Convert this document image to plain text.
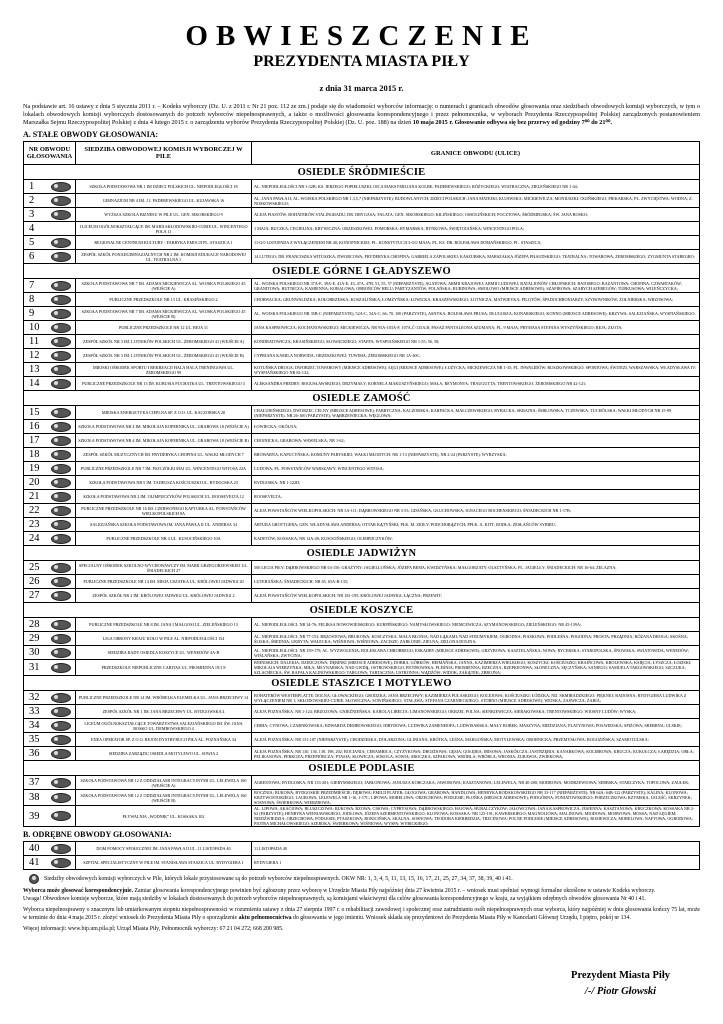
OBWIESZCZENIE
PREZYDENTA MIASTA PIŁY
z dnia 31 marca 2015 r.

Na podstawie art. 16 ustawy z dnia 5 stycznia 2011 r. – Kodeks wyborczy (Dz. U. z 2011 r. Nr 21 poz. 112 ze zm.) podaje się do wiadomości wyborców informację: o numerach i granicach obwodów głosowania oraz siedzibach obwodowych komisji wyborczych, w tym o lokalach obwodowych komisji wyborczych dostosowanych do potrzeb wyborców niepełnosprawnych, a także o możliwości głosowania korespondencyjnego i przez pełnomocnika, w wyborach Prezydenta Rzeczypospolitej Polskiej zarządzonych postanowieniem Marszałka Sejmu Rzeczypospolitej Polskiej z dnia 4 lutego 2015 r. o zarządzeniu wyborów Prezydenta Rzeczypospolitej Polskiej (Dz. U. poz. 188) na dzień 10 maja 2015 r. Głosowanie odbywa się bez przerwy od godziny 7⁰⁰ do 21⁰⁰.

A. STAŁE OBWODY GŁOSOWANIA:
NR OBWODU GŁOSOWANIA	SIEDZIBA OBWODOWEJ KOMISJI WYBORCZEJ W PILE	GRANICE OBWODU (ULICE)
OSIEDLE ŚRÓDMIEŚCIE		
1	SZKOŁA PODSTAWOWA NR 1 IM DZIECI POLSKICH UL. NIEPODLEGŁOŚCI 18	AL. NIEPODLEGŁOŚCI NR 1-32B; KS. JERZEGO POPIEŁUSZKI; OICA MAKSYMILIANA KOLBE; PADEREWSKIEGO; RÓŻYCKIEGO; WIATRACZNA; ZIELEŃSKIEGO NR 1-44;
2	GIMNAZJUM NR 4 IM. J.J. PADEREWSKIEGO UL. KUJAWSKA 16	AL. JANA PAWŁA II; AL. WOJSKA POLSKIEGO NR 1,3,5,7 (NIEPARZYSTE); BUDOWLANYCH; DZIECI POLSKICH; JANA MATEJKI; KUJAWSKA; MICKIEWICZA; MONIUSZKI; OGIŃSKIEGO; PIEKARSKA; PL. ZWYCIĘSTWA; WODNA; Z. NOSKOWSKIEGO;
3	WYŻSZA SZKOŁA BIZNESU W PILE UL. GEN. SIKORSKIEGO 9	ALEJA PIASTÓW; BOHATERÓW STALINGRADU; DR. DRYGASA; FALATA; GEN. SIKORSKIEGO; KILIŃSKIEGO; OSSOLIŃSKICH; POCZTOWA; ŚRÓDMIEJSKA; ŚW. JANA BOSKO;
4	I LICEUM OGÓLNOKSZTAŁCĄCE IM. MARII SKŁODOWSKIEJ-CURIE UL. WINCENTEGO POLA 11	1 MAJA; BUCZKA; CEGIEŁINA; KRYWICZNA; ORZESZKOWEJ; POMORSKA; RYMARSKA; RYNKOWA; ŚWIĘTOJAŃSKA; WINCENTEGO POLA;
5	REGIONALNE CENTRUM KULTURY - FABRYKA EMOCJI PL. STASZICA 1	11-GO LISTOPADA Z WYŁĄCZENIEM NR 40; KONOPNICKIEJ; PL. KONSTYTUCJI 3-GO MAJA; PL. KS. DR. BOLESŁAWA DOMAŃSKIEGO; PL. STASZICA;
6	ZESPÓŁ SZKÓŁ PONADGIMNAZJALNYCH NR 2 IM. KOMISJI EDUKACJI NARODOWEJ UL. TEATRALNA 1	14 LUTEGO; DR. FRANCISZKA WITUSZKA; DWORCOWA; FRYDERYKA CHOPINA; GABRIELA ZAPOLSKIEJ; KASZUBSKA; MARSZAŁKA JÓZEFA PIŁSUDSKIEGO; TEATRALNA; TOWAROWA; ŻEROMSKIEGO; ZYGMUNTA STAREGRO;
OSIEDLE GÓRNE I GŁADYSZEWO		
7	SZKOŁA PODSTAWOWA NR 7 IM. ADAMA MICKIEWICZA AL. WOJSKA POLSKIEGO 45 (WEJŚCIE A)	AL. WOJSKA POLSKIEGO NR 37A-E, 39A-E, 41A-E, 43, 47A, 47B, 51, 55, 57 (NIEPARZYSTE); AGATOWA; ARMII KRAJOWEJ; ARMII LUDOWEJ; BATALIONÓW CHŁOPSKICH; BATOREGO; BAŻANTOWA; CHOPINA; CZWARTAKÓW; GRANITOWA; HUTNICZA; KAMIENNA; KORALOWA; OBROŃCÓW HELU; PARTYZANTÓW; POLAŃSKA; RUBINOWA; SMOLOWO (MIEJSCE ADRESOWE); SZAFIROWA; SZARYCH SZEREGÓW; TURKUSOWA; WILEŃCZYCKA;
8	PUBLICZNE PRZEDSZKOLE NR 13 UL. KRASIŃSKIEGO 2	CHORWACKA; GRUNWALDZKA; KOŁOBRZESKA; KOSZALIŃSKA; ŁOMŻYŃSKA; ŁOWICKA; KRASZEWSKIEGO; ŁOTNICZA; MATWIEYKA; PILOTÓW; ŚPADOCHRONIARZY; SZYBOWNIKÓW; ŻOŁNIERSKA; WRZOSOWA;
9	SZKOŁA PODSTAWOWA NR 7 IM. ADAMA MICKIEWICZA AL. WOJSKA POLSKIEGO 45 (WEJŚCIE B)	AL. WOJSKA POLSKIEGO NR 35B-C (NIEPARZYSTE); 52A-C, 54A-C, 66, 70, 100 (PARZYSTE); ASNYKA; BOLESŁAWA PRUSA; DŁUGOSZA; KONARSKIEGO; KONNO (MIEJSCE ADRESOWE); KRZYWA; SALEZJAŃSKA; WYSPIAŃSKIEGO;
10	PUBLICZNE PRZEDSZKOLE NR 12 UL. REJA 11	JANA KASPROWICZA; KOCHANOWSKIEGO; MICKIEWICZA; NR 95A-103A-F, 107A,Ć-135A,B; PASAŻ PANTALEONA SZUMANA; PL. 9 MAJA; PRYMASA STEFANA WYSZYŃSKIEGO; REJA; ZŁOTA;
11	ZESPÓŁ SZKÓŁ NR 3 IM. LOTNIKÓW POLSKICH UL. ŻEROMSKIEGO 41 (WEJŚCIE A)	KONDRATOWICZA; KRASIŃSKIEGO; SŁOWACKIEGO; STAFFA; WYSPIAŃSKIEGO NR 1-55; 56, 58;
12	ZESPÓŁ SZKÓŁ NR 3 IM. LOTNIKÓW POLSKICH UL. ŻEROMSKIEGO 41 (WEJŚCIE B)	CYPRIANA KAMILA NORWIDA; ORZESZKOWEJ; TUWIMA; ŻEROMSKIEGO NR 1A-40C;
13	MIEJSKI OŚRODEK SPORTU I REKREACJI HALA HALA TRENINGOWA UL. ŻEROMSKIEGO 99	KOTUŃSKA DROGA; DWORZEC TOWAROWY (MIEJSCE ADRESOWE); ŁĘGI (MIEJSCE ADRESOWE); ŁUŻYCKA; MICKIEWICZA NR 1-35; PL. INWALIDÓW; RUSZKOWSKIEGO; SPORTOWA; ŚWITEZI; WARSZAWSKA; WŁADYSŁAWA IV; WYSPIAŃSKIEGO NR 82-132;
14	PUBLICZNE PRZEDSZKOLE NR 13 IM. KUBUSIA PUCHATKA UL. TRENTOWSKIEGO 3	ALEKSANDRA FREDRY; BOGUSŁAWSKIEGO; DRZYMAŁY; KORNELA MAKUSZYŃSKIEGO; MAŁA; REYMONTA; TRAUGUTTA; TRENTOWSKIEGO; ŻEROMSKIEGO NR 42-121;
OSIEDLE ZAMOŚĆ		
15	MIEJSKA ENERGETYKA CIEPLNA SP. Z O.O. UL. KACZORSKA 20	CHAŁUBIŃSKIEGO; DWORZEC CELNY (MIEJSCE ADRESOWE); FABRYCZNA; KACZORSKA; KARPACKA; MAŁCZEWSKIEGO; RYBACKA; SKRAJNA; ŚMIŁOWSKA; TCZEWSKA; TUCHÓLSKA; WAŁKI MŁODYCH NR 15-99 (NIEPARZYSTE), NR 26-100 (PARZYSTE); WĄBRZEWIECKA; WĘGLOWA;
16	SZKOŁA PODSTAWOWA NR 4 IM. MIKOŁAJA KOPERNIKA UL. GRABOWA 18 (WEJŚCIE A)	ŁOWIECKA; OKÓLNA;
17	SZKOŁA PODSTAWOWA NR 4 IM. MIKOŁAJA KOPERNIKA UL. GRABOWA 18 (WEJŚCIE B)	CHOJNICKA; GRABOWA; WAWELSKA; NR 1-62;
18	ZESPÓŁ SZKÓŁ MUZYCZNYCH IM. FRYDERYKA CHOPINA UL. WAŁKI MŁODYCH 7	BROWARNA; KAPUCYŃSKA; KOMUNY PARYSKIEJ; WAŁKI MŁODYCH: NR 1-13 (NIEPARZYSTE), NR 2-24 (PARZYSTE); WYRZYSKA;
19	PUBLICZNE PRZEDSZKOLE NR 7 IM. PSZCZÓŁKI MAI UL. WINCENTEGO WITOSA 22A	LUDOWA; PL. POWSTAŃCÓW WARSZAWY; WINCENTEGO WITOSA;
20	SZKOŁA PODSTAWOWA NR 5 IM. TADEUSZA KOŚCIUSZKI UL. BYDGOSKA 23	BYDGOSKA: NR 1-122D;
21	SZKOŁA PODSTAWOWA NR 2 IM. OLIMPIJCZYKÓW POLSKICH UL. ROOSEVELTA 12	ROOSEVELTA;
22	PUBLICZNE PRZEDSZKOLE NR 16 IM. CZERWONEGO KAPTURKA AL. POWSTAŃCÓW WIELKOPOLSKICH 8A	ALEJA POWSTAŃCÓW WIELKOPOLSKICH: NR 3A-111; DĄBROWSKIEGO NR 3-53; GDAŃSKA; GŁUCHOWSKA; IGNACEGO BOCHENSKIEGO; ŚNIADECKICH NR 1-17B;
23	SALEZJAŃSKA SZKOŁA PODSTAWOWA IM. JANA PAWŁA II UL. ANDERSA 34	ARTURA GROTTGERA; GEN. WŁADYSŁAWA ANDERSA; OTTAR KĄTYŃSKI; PŁK. M. ZIOŁY; PODCHORĄŻYCH; PPŁK. A. KITT; RODŁA; ZESŁAŃCÓW SYBIRU;
24	PUBLICZNE PRZEDSZKOLE NR 4 UL. KUSOCIŃSKIEGO 10A	KADETÓW; KOSSAKA; NR 12A-49; KUSOCIŃSKIEGO; OLIMPIJCZYKÓW;
OSIEDLE JADWIŻYN		
25	SPECJALNY OŚRODEK SZKOLNO-WYCHOWAWCZY IM. MARII GRZEGORZEWSKIEJ UL. ŚNIADECKICH 27	500 LECIA PIŁY; DĄBROWSKIEGO NR 63-150; GRAŻYNY; JAGIELLOŃSKA; JÓZEFA BEMA; KWIDZYŃSKA; MAŁGORZATY; OLSZTYŃSKA; PL. JAGIELŁY; ŚNIADECKICH: NR 16-64; ŻELAZNA;
26	PUBLICZNE PRZEDSZKOLE NR 14 IM. MISIA USZATKA UL. KRÓLOWEJ JADWIGI 20	LUTERAŃSKA; ŚNIADECKICH: NR 65, 65A-B-135;
27	ZESPÓŁ SZKÓŁ NR 2 IM. KRÓLOWEJ JADWIGI UL. KRÓLOWEJ JADWIGI 2	ALEJA POWSTAŃCÓW WIELKOPOLSKICH: NR 181-195; KRÓLOWEJ JADWIGI; ŁĄCZNA; PRZEWIT;
OSIEDLE KOSZYCE		
28	PUBLICZNE PRZEDSZKOLE NR 8 IM. JANA I MAŁGOSI UL. ZIELEŃSKIEGO 13	AL. NIEPODLEGŁOŚCI: NR 34-76; FELIKSA NOWOWIEJSKIEGO; KURPIŃSKIEGO; NAMYSŁOWSKIEGO; NIEMCEWICZA; SZYMANOWSKIEGO; ZIELEŃSKIEGO: NR 45-139A;
29	LIGA OBRONY KRAJU KOŁO W PILE AL. NIEPODLEGŁOŚCI 154	AL. NIEPODLEGŁOŚCI: NR 77-153; BRZOSTOWA; BRUKOWA; KOSCZYSKA; MAŁA BŁONIA; NAD ŁĄKAMI; NAD STRUMYKIEM; OGRODNA; PIASKOWA; PODLEŚNA; POGODNA; PROSTA; PRZĄDNIA; RÓŻANA DROGA; SKOŚNA; ŚLISKA; ŚREDNIA; UKRYTA; WAŁECKA; WIŚNIOWA; WIŚNIOWA; ZACISZE; ZABŁONIE; ZIELNA; ZIELONA DOLINA;
30	SIEDZIBA RADY OSIEDLA KOSZYCE UL. WENEDÓW 4A-B	AL. NIEPODLEGŁOŚCI: NR 159-179; AL. WYZWOLENIA; BOLESŁAWA CHROBREGO; ESKADRY (MIEJSCE ADRESOWE); GRZYBOWA; KASZTELAŃSKA; NOWA; RYCERSKA; STAROPOLSKA; ŚNOWSKA; SWIATOWIDA; WENEDÓW; WIŚLAŃSKA; ZWYCINA;
31	PRZEDSZKOLE NIEPUBLICZNE CARITAS UL. PROMIENNA 19/1 8	BNINISKICH; DALEKIA; DZIEJCZOWA; DĘBINKI (MIEJSCE ADRESOWE); DOBRA; GÓRKÓW; HEIMAŃSKA; JANNA; KAZIMIERZA WIELKIEGO; KOSZYCKI; KOŚCIUSZKI; KRAIŃCOWA; KROLEWSKA; KSIĘCIA; ŁYSZCZA; ŁOZISKI; MIKOŁAJA WIERZYNKA; MIŁA; MŁYNARSKA; NAD GWDĄ; OSTROWSKIEGO; PIOTROWSKA; PLEŚNIA; PROMIENNA; RZECZNA; RZEPKEONWA; SŁONECZNA; SĘCZYŃSKA; SANIEGO; SAMUELA TARGOWSKIEGO; SZCZUKA; SZLACHECKA; ŚW. RAFAŁA KALINOWSKIEGO; TARGOWA; TARTACZNA; USTRONNA; WĄDŻÓW; WIDOK; ZAKĄTEK; ZBROJNA;
OSIEDLE STASZICE I MOTYLEWO		
32	PUBLICZNE PRZEDSZKOLE NR 14 IM. WRÓBELKA ELEMELKA UL. JANA BRZECHWY 14	BOHATERÓW WESTERPLATTE; DOLNA; GŁOWACKIEGO; GRODZKA; JANA BRZECHWY; KAZIMIERZA PUŁASKIEGO; KOLEJOWA; KOŚCIUSZKI; ŁÓDZKA; ND. SKMIRADZKIEGO; PIĘKNEJ; RADOSNA; RYDYGIERA LUDWIKA Z WYŁĄCZENIEM NR 1; SKŁODOWSKIEJ-CURIE; SŁOWICZNA; SOWIŃSKIEGO; STAŁAWA; STEFANA CZARNIECKIEGO; STOBNO (MIEJSCE ADRESOWE); WEJSKA; ZAŚWICZA; ŻABIA;
33	ZESPÓŁ SZKÓŁ NR 1 IM. JANA BRZECHWY UL. BYDGOWSKA 4	ALEJA POZNAŃSKA: NR 1-124; BRZOZOWA; GNIEŹNIEŃSKA; KAROLA LIBELTA; LIMANOWSKIEGO; OKRZEI; POLNA; SIENKIEWICZA; SIERAKOWSKA; TRENTOWSKIEGO; WIOSNY LUDÓW; WYSKA;
34	LICEUM OGÓLNOKSZTAŁCĄCE TOWARZYSTWA SALEZJAŃSKIEGO IM. ŚW. JANA BOSKO UL. DEMBOWSKIEGO 4	CHIHA; CYNOWA; CZARNKOWSKA; EDWARDA DEMBOWSKIEGO; IDRYDOWA; LUDWIKA ZAMENHOFA; LUDWISARSKA; MAŁY BOBEK; MASZYNA; MIEDZIANA; PLATYNOWA; POŁWIEJSKA; SPIŻOWA; SREBRNA; ULSKIE;
35	ENEA OPERATOR SP. Z O.O. REJON DYSTRYBUCJI PIŁA AL. POZNAŃSKA 34	ALEJA POZNAŃSKA: NR 131-187 (NIEPARZYSTE); CHODZIESKA; DOŁARZONA; GLINIANA; KRÓTKA; LEŚNA; MARGOŃSKA; MOTYLEWSKA; OBORNICKA; PRZEMYSŁOWA; ROGOŻIŃSKA; SZAMOTULSKA;
36	SIEDZIBA ZARZĄDU OSIEDLA MOTYLEWO UL. SOWIA 2	ALEJA POZNAŃSKA: NR 130, 136, 138, 198, 202; BOCIANIA; CERAMBICA; CZYŻYKOWA; DROZDOWA; GĘSIA; GOŁĘBIA; IBISOWA; JASKÓŁCZA; JASTRZĘBIA; KANARKOWA; KOLIBROWA; KRUCZA; KUKUŁCZA; ŁABĘDZIA; ORŁA; PELIKANOWA; PERKOZA; PRZEPIÓRCZA; PTASIA; SŁOWICZA; SOKOLA; SOWIA; SROCZKA; SZPAKOWA; WRÓBLA; WRÓBLA; WRONIA; ŻURAWIA; ZWIEKOWA;
OSIEDLE PODLASIE		
37	SZKOŁA PODSTAWOWA NR 12 Z ODDZIAŁAMI INTEGRACYJNYMI UL. LELEWELA 160 (WEJŚCIE A)	AGRESTOWA; BYDGOSKA; NR 133-201; GIERYMSKIEGO; JABŁONOWA; JANUSZA KORCZAKA; JAWOROWA; KASZTANOWA; LELEWELA; NR 40-200; MODROWA; MODRZEWIOWA; SERBSKA; STARCZYKA; TOPOLOWA; ZAUŁEK;
38	SZKOŁA PODSTAWOWA NR 12 Z ODDZIAŁAMI INTEGRACYJNYMI UL. LELEWELA 160 (WEJŚCIE B)	BOCZNIA; BUKOWA; BYDGOSKIE PRZEDMIEŚCIE; DĘBOWA; EMILII PLATER; GŁOGOWA; GRABOWA; HANDLOWA; HENRYKA RODAKOWSKIEGO NR 33-117 (NIEPARZYSTE); NR 64A; 64B-122 (PARZYSTE); KALINA; KLONOWA; KRZYWOSTOKIEGO; LAUROWA; LELEWELA NR 1-16, 1-17C; LIPOWA; MORELOWA; ORZECHOWA; PODLESIE; PŁOŃKA (MIEJSCE ADRESOWE); PODGÓRNA; PONIATOWSKIEGO; PORZECZKOWA; RZYMSKA; LELEŚĆ; SKRZYNEK; SOSNOWA; ŚWIERKOWA; WIERZBOWA;
39	PŁYWALNIA „WODNIK” UL. KOSSAKA 102	AL. LIPOWA; AKACIOWA; BLUSZCZOWA; BUKOWA; BZOWA; CISOWA; CYPRYSOWA; DĄBROWSKIEGO; HAJOWA; HUBALCZYKÓW; JAŁOWCOWA; JANA KASPROWICZA; JESIENNA; KASZTANOWA; KRUCZKOWA; KOSSAKA NR 2-62 (PARZYSTE); HENRYKA WIENIAWSKIEGO; JODŁOWA; JÓZEFA SZERMENTOWSKIEGO; KLONOWA; KOSSAKA: NR 125-191; KAWERSKIEGO; MAGNOLIOWA; MALINOWA; MIODOWA; MORWOWA; MOSSA; NAD ŁĘGIEM; NIEDŹWIEDZIA; ORZECHOWA; PODLESIE; PTASZKOWA; ROKICIŃSKA; SKALNA; SOSNOWA; TEODORA KIERBEDZIA; TRZCINOWA; POLNE PODLESIE (MIEJSCE ADRESOWE); ROSIEWICZA; MORELOWA; NAFTOWA; OGRODOWA; PIOTRA MICHAŁOWSKIEGO; SZEROKA; ŚWIERKOWA; WIŚNIOWA; WYSPA; WYBICKIEGO;
B. ODRĘBNE OBWODY GŁOSOWANIA:
40	DOM POMOCY SPOŁECZNEJ IM. JANA PAWŁA II UL. 11 LISTOPADA 40	11 LISTOPADA 40
41	SZPITAL SPECJALISTYCZNY W PILE IM. STANISŁAWA STASZICA UL. RYDYGIERA 1	RYDYGIERA 1
Siedziby obwodowych komisji wyborczych w Pile, których lokale przystosowane są do potrzeb wyborców niepełnosprawnych. OKW NR: 1, 3, 4, 5, 11, 13, 15, 16, 17, 21, 25, 27, 34, 37, 38, 39, 40 i 41.

Wyborca może głosować korespondencyjnie. Zamiar głosowania korespondencyjnego powinien być zgłoszony przez wyborcę w Urzędzie Miasta Piły najpóźniej dnia 27 kwietnia 2015 r. – wniosek musi spełniać wymogi formalne określone w ustawie Kodeks wyborczy.
Uwaga! Obwodowe komisje wyborcze, które mają siedziby w lokalach dostosowanych do potrzeb wyborców niepełnosprawnych, są komisjami właściwymi dla celów głosowania korespondencyjnego w kraju, za wyjątkiem odrębnych obwodów głosowania Nr 40 i 41.

Wyborca niepełnosprawny o znacznym lub umiarkowanym stopniu niepełnosprawności w rozumieniu ustawy z dnia 27 sierpnia 1997 r. o rehabilitacji zawodowej i społecznej oraz zatrudnianiu osób niepełnosprawnych oraz wyborca, który najpóźniej w dniu głosowania kończy 75 lat, może w terminie do dnia 4 maja 2015 r. złożyć wniosek do Prezydenta Miasta Piły o sporządzenie aktu pełnomocnictwa do głosowania w jego imieniu. Wniosek składa się prezydentowi do Prezydenta Miasta Piły w Kancelarii Głównej Urzędu, I piętro, pokój nr 134.

Więcej informacji: www.bip.um.pila.pl; Urząd Miasta Piły, Pełnomocnik wyborczy: 67 21 04 272; 668 200 985.

Prezydent Miasta Piły
/-/ Piotr Głowski
